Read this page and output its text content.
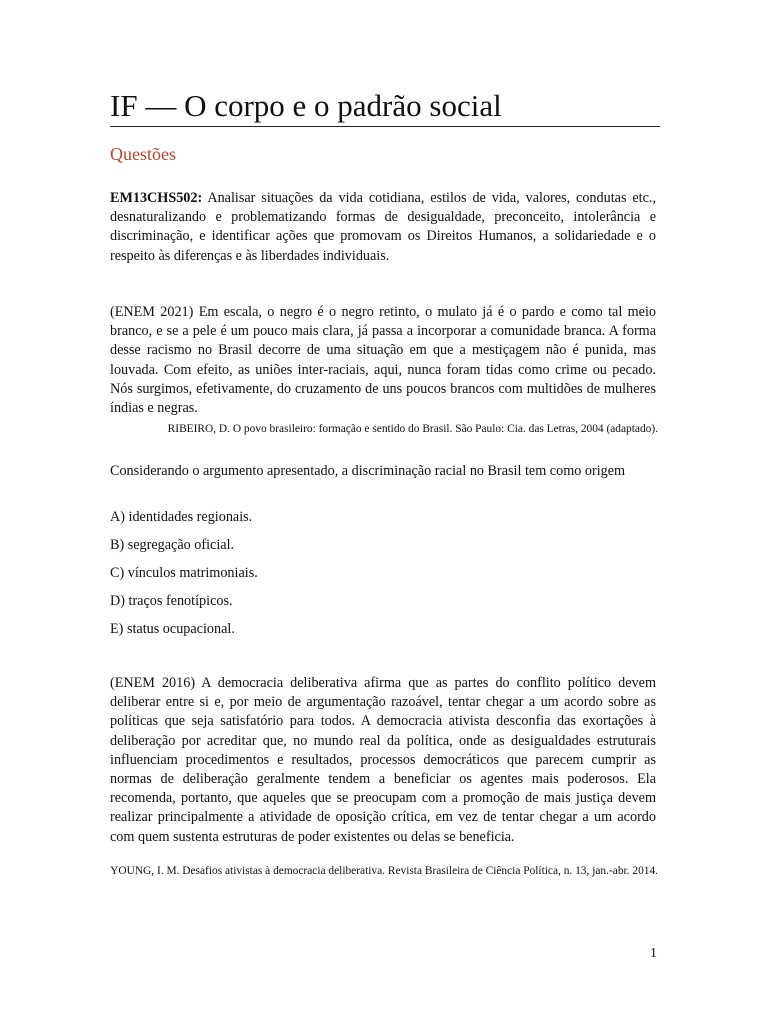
IF — O corpo e o padrão social
Questões
EM13CHS502: Analisar situações da vida cotidiana, estilos de vida, valores, condutas etc., desnaturalizando e problematizando formas de desigualdade, preconceito, intolerância e discriminação, e identificar ações que promovam os Direitos Humanos, a solidariedade e o respeito às diferenças e às liberdades individuais.
(ENEM 2021) Em escala, o negro é o negro retinto, o mulato já é o pardo e como tal meio branco, e se a pele é um pouco mais clara, já passa a incorporar a comunidade branca. A forma desse racismo no Brasil decorre de uma situação em que a mestiçagem não é punida, mas louvada. Com efeito, as uniões inter-raciais, aqui, nunca foram tidas como crime ou pecado. Nós surgimos, efetivamente, do cruzamento de uns poucos brancos com multidões de mulheres índias e negras.
RIBEIRO, D. O povo brasileiro: formação e sentido do Brasil. São Paulo: Cia. das Letras, 2004 (adaptado).
Considerando o argumento apresentado, a discriminação racial no Brasil tem como origem
A) identidades regionais.
B) segregação oficial.
C) vínculos matrimoniais.
D) traços fenotípicos.
E) status ocupacional.
(ENEM 2016) A democracia deliberativa afirma que as partes do conflito político devem deliberar entre si e, por meio de argumentação razoável, tentar chegar a um acordo sobre as políticas que seja satisfatório para todos. A democracia ativista desconfia das exortações à deliberação por acreditar que, no mundo real da política, onde as desigualdades estruturais influenciam procedimentos e resultados, processos democráticos que parecem cumprir as normas de deliberação geralmente tendem a beneficiar os agentes mais poderosos. Ela recomenda, portanto, que aqueles que se preocupam com a promoção de mais justiça devem realizar principalmente a atividade de oposição crítica, em vez de tentar chegar a um acordo com quem sustenta estruturas de poder existentes ou delas se beneficia.
YOUNG, I. M. Desafios ativistas à democracia deliberativa. Revista Brasileira de Ciência Política, n. 13, jan.-abr. 2014.
1
